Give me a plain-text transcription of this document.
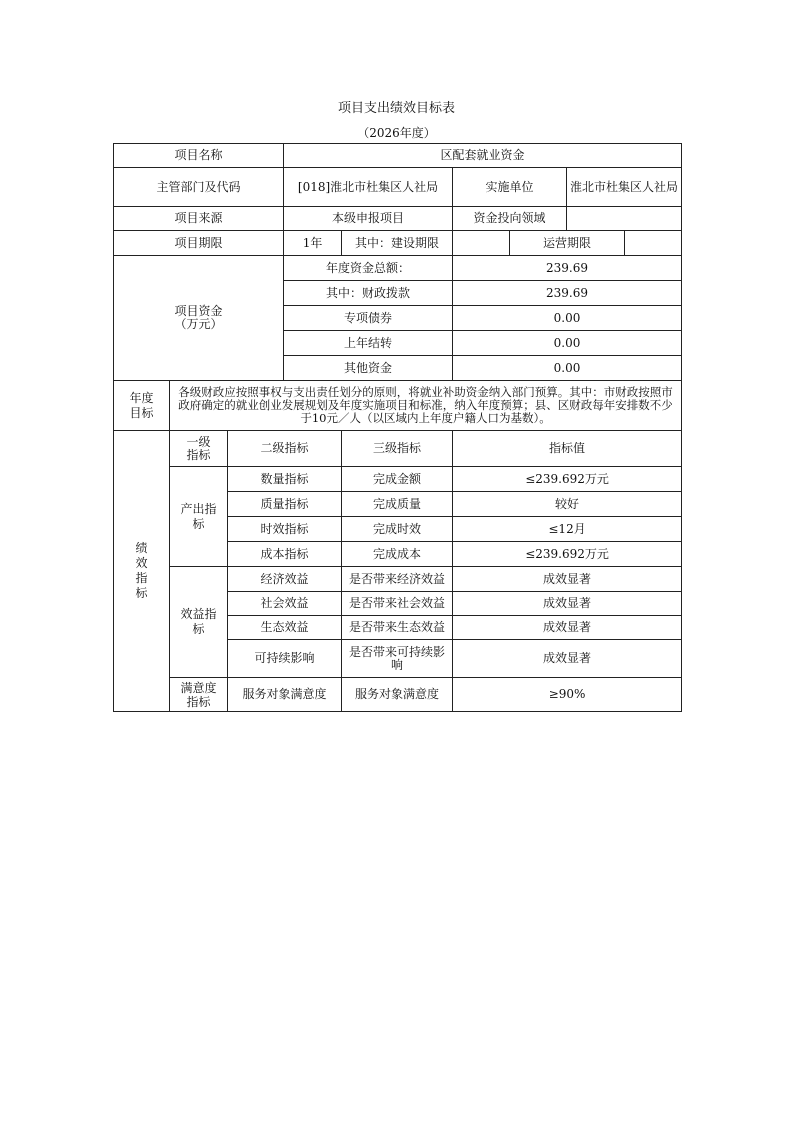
项目支出绩效目标表
（2026年度）
项目名称			区配套就业资金					
主管部门及代码			[018]淮北市杜集区人社局		实施单位		淮北市杜集区人社局	
项目来源			本级申报项目		资金投向领域			
项目期限			1年	其中：建设期限		运营期限		

项目资金
（万元）			年度资金总额：		239.69			
			其中：财政拨款		239.69			
			专项债券		0.00			
			上年结转		0.00			
			其他资金		0.00			

年度目标	各级财政应按照事权与支出责任划分的原则，将就业补助资金纳入部门预算。其中：市财政按照市政府确定的就业创业发展规划及年度实施项目和标准，纳入年度预算；县、区财政每年安排数不少于10元／人（以区域内上年度户籍人口为基数）。							
绩效指标	一级指标	二级指标		三级指标	指标值			

	产出指标	数量指标		完成金额	≤239.692万元			
		质量指标		完成质量	较好			
		时效指标		完成时效	≤12月			
		成本指标		完成成本	≤239.692万元			

	效益指标	经济效益		是否带来经济效益	成效显著			
		社会效益		是否带来社会效益	成效显著			
		生态效益		是否带来生态效益	成效显著			
		可持续影响		是否带来可持续影响	成效显著			

	满意度指标	服务对象满意度		服务对象满意度	≥90%			
